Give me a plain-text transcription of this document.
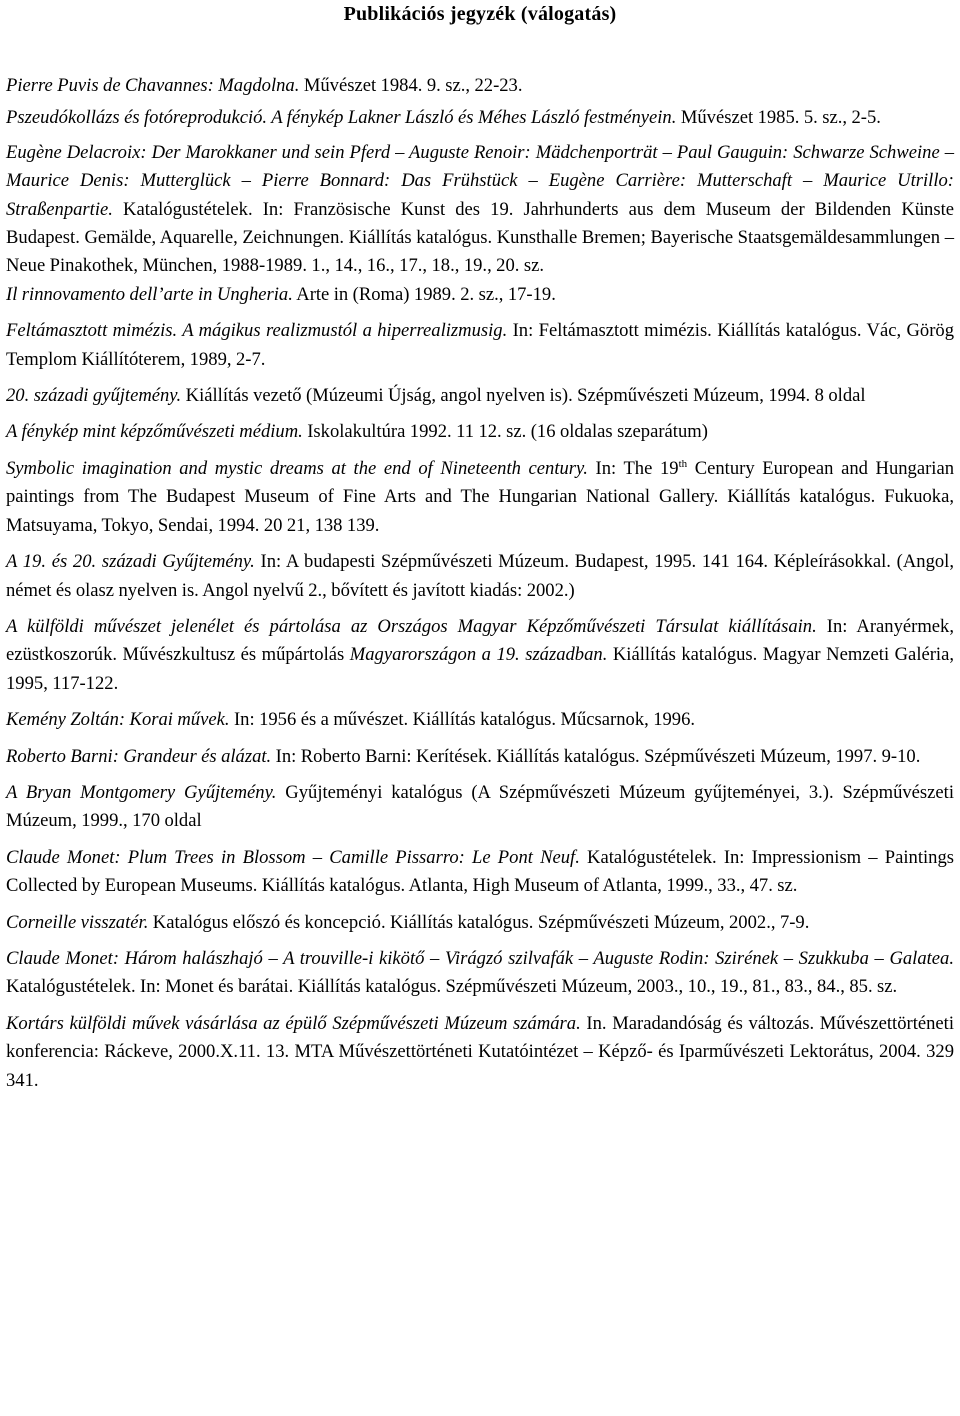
Publikációs jegyzék (válogatás)

Pierre Puvis de Chavannes: Magdolna. Művészet 1984. 9. sz., 22-23.

Pszeudókollázs és fotóreprodukció. A fénykép Lakner László és Méhes László festményein. Művészet 1985. 5. sz., 2-5.

Eugène Delacroix: Der Marokkaner und sein Pferd – Auguste Renoir: Mädchenporträt – Paul Gauguin: Schwarze Schweine – Maurice Denis: Mutterglück – Pierre Bonnard: Das Frühstück – Eugène Carrière: Mutterschaft – Maurice Utrillo: Straßenpartie. Katalógustételek. In: Französische Kunst des 19. Jahrhunderts aus dem Museum der Bildenden Künste Budapest. Gemälde, Aquarelle, Zeichnungen. Kiállítás katalógus. Kunsthalle Bremen; Bayerische Staatsgemäldesammlungen – Neue Pinakothek, München, 1988-1989. 1., 14., 16., 17., 18., 19., 20. sz.

Il rinnovamento dell’arte in Ungheria. Arte in (Roma) 1989. 2. sz., 17-19.

Feltámasztott mimézis. A mágikus realizmustól a hiperrealizmusig. In: Feltámasztott mimézis. Kiállítás katalógus. Vác, Görög Templom Kiállítóterem, 1989, 2-7.

20. századi gyűjtemény. Kiállítás vezető (Múzeumi Újság, angol nyelven is). Szépművészeti Múzeum, 1994. 8 oldal

A fénykép mint képzőművészeti médium. Iskolakultúra 1992. 11 12. sz. (16 oldalas szeparátum)

Symbolic imagination and mystic dreams at the end of Nineteenth century. In: The 19th Century European and Hungarian paintings from The Budapest Museum of Fine Arts and The Hungarian National Gallery. Kiállítás katalógus. Fukuoka, Matsuyama, Tokyo, Sendai, 1994. 20 21, 138 139.

A 19. és 20. századi Gyűjtemény. In: A budapesti Szépművészeti Múzeum. Budapest, 1995. 141 164. Képleírásokkal. (Angol, német és olasz nyelven is. Angol nyelvű 2., bővített és javított kiadás: 2002.)

A külföldi művészet jelenélet és pártolása az Országos Magyar Képzőművészeti Társulat kiállításain. In: Aranyérmek, ezüstkoszorúk. Művészkultusz és műpártolás Magyarországon a 19. században. Kiállítás katalógus. Magyar Nemzeti Galéria, 1995, 117-122.

Kemény Zoltán: Korai művek. In: 1956 és a művészet. Kiállítás katalógus. Műcsarnok, 1996.

Roberto Barni: Grandeur és alázat. In: Roberto Barni: Kerítések. Kiállítás katalógus. Szépművészeti Múzeum, 1997. 9-10.

A Bryan Montgomery Gyűjtemény. Gyűjteményi katalógus (A Szépművészeti Múzeum gyűjteményei, 3.). Szépművészeti Múzeum, 1999., 170 oldal

Claude Monet: Plum Trees in Blossom – Camille Pissarro: Le Pont Neuf. Katalógustételek. In: Impressionism – Paintings Collected by European Museums. Kiállítás katalógus. Atlanta, High Museum of Atlanta, 1999., 33., 47. sz.

Corneille visszatér. Katalógus előszó és koncepció. Kiállítás katalógus. Szépművészeti Múzeum, 2002., 7-9.

Claude Monet: Három halászhajó – A trouville-i kikötő – Virágzó szilvafák – Auguste Rodin: Szirének – Szukkuba – Galatea. Katalógustételek. In: Monet és barátai. Kiállítás katalógus. Szépművészeti Múzeum, 2003., 10., 19., 81., 83., 84., 85. sz.

Kortárs külföldi művek vásárlása az épülő Szépművészeti Múzeum számára. In. Maradandóság és változás. Művészettörténeti konferencia: Ráckeve, 2000.X.11. 13. MTA Művészettörténeti Kutatóintézet – Képző- és Iparművészeti Lektorátus, 2004. 329 341.
